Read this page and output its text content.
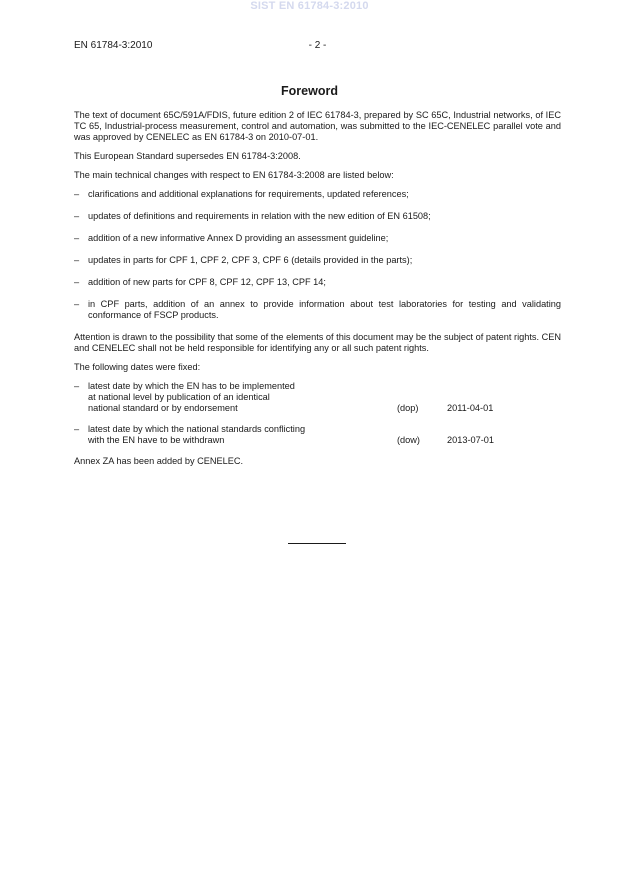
SIST EN 61784-3:2010
EN 61784-3:2010	- 2 -
Foreword

The text of document 65C/591A/FDIS, future edition 2 of IEC 61784-3, prepared by SC 65C, Industrial networks, of IEC TC 65, Industrial-process measurement, control and automation, was submitted to the IEC-CENELEC parallel vote and was approved by CENELEC as EN 61784-3 on 2010-07-01.

This European Standard supersedes EN 61784-3:2008.

The main technical changes with respect to EN 61784-3:2008 are listed below:

– clarifications and additional explanations for requirements, updated references;
– updates of definitions and requirements in relation with the new edition of EN 61508;
– addition of a new informative Annex D providing an assessment guideline;
– updates in parts for CPF 1, CPF 2, CPF 3, CPF 6 (details provided in the parts);
– addition of new parts for CPF 8, CPF 12, CPF 13, CPF 14;
– in CPF parts, addition of an annex to provide information about test laboratories for testing and validating conformance of FSCP products.

Attention is drawn to the possibility that some of the elements of this document may be the subject of patent rights. CEN and CENELEC shall not be held responsible for identifying any or all such patent rights.

The following dates were fixed:

– latest date by which the EN has to be implemented
at national level by publication of an identical
national standard or by endorsement	(dop)	2011-04-01
– latest date by which the national standards conflicting
with the EN have to be withdrawn	(dow)	2013-07-01

Annex ZA has been added by CENELEC.
